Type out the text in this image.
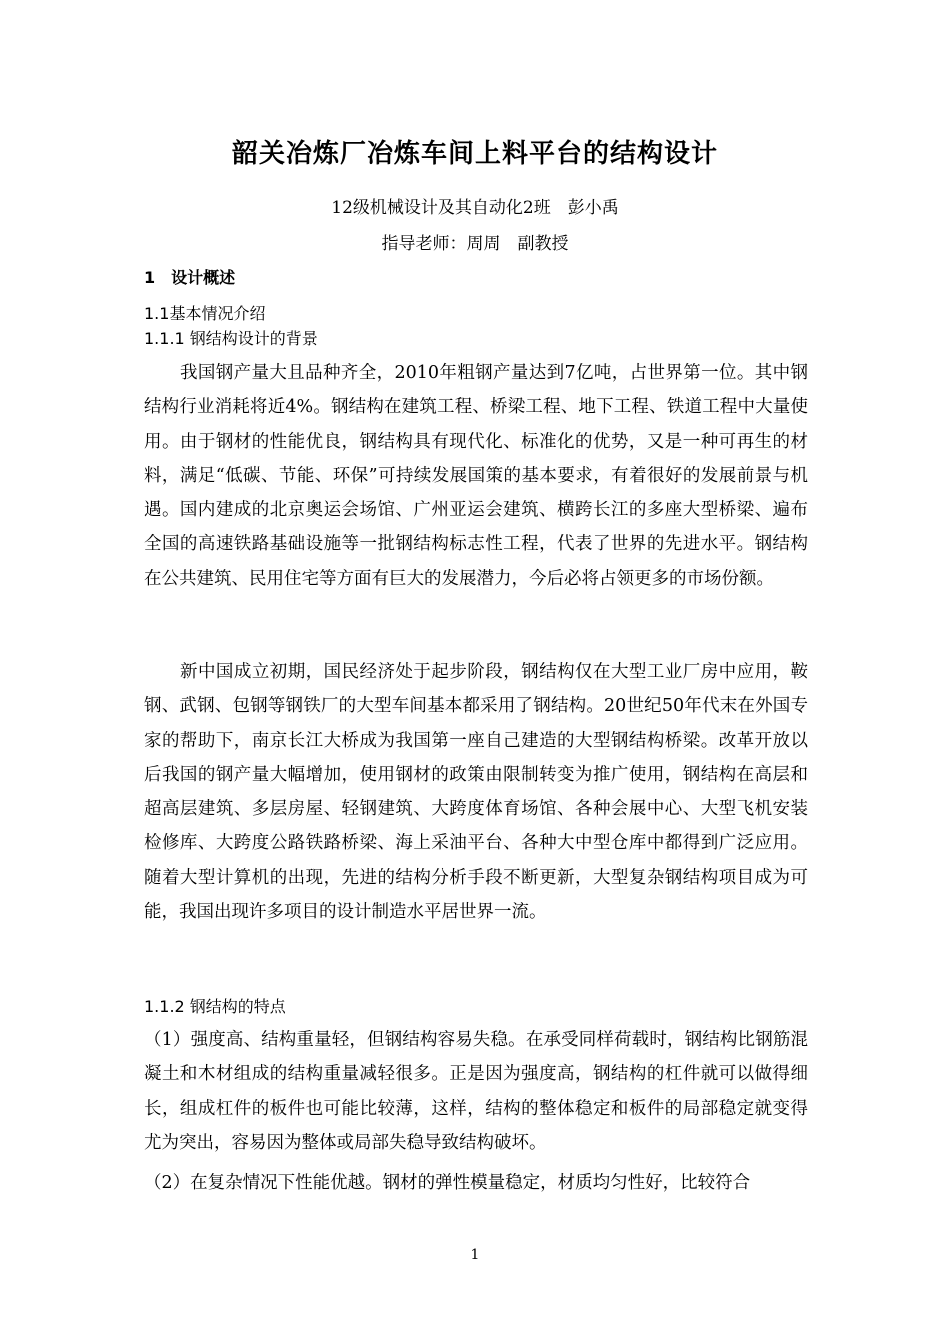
韶关冶炼厂冶炼车间上料平台的结构设计
12级机械设计及其自动化2班　彭小禹
指导老师：周周　副教授
1　设计概述
1.1基本情况介绍
1.1.1 钢结构设计的背景

我国钢产量大且品种齐全，2010年粗钢产量达到7亿吨，占世界第一位。其中钢结构行业消耗将近4%。钢结构在建筑工程、桥梁工程、地下工程、铁道工程中大量使用。由于钢材的性能优良，钢结构具有现代化、标准化的优势，又是一种可再生的材料，满足“低碳、节能、环保”可持续发展国策的基本要求，有着很好的发展前景与机遇。国内建成的北京奥运会场馆、广州亚运会建筑、横跨长江的多座大型桥梁、遍布全国的高速铁路基础设施等一批钢结构标志性工程，代表了世界的先进水平。钢结构在公共建筑、民用住宅等方面有巨大的发展潜力，今后必将占领更多的市场份额。

新中国成立初期，国民经济处于起步阶段，钢结构仅在大型工业厂房中应用，鞍钢、武钢、包钢等钢铁厂的大型车间基本都采用了钢结构。20世纪50年代末在外国专家的帮助下，南京长江大桥成为我国第一座自己建造的大型钢结构桥梁。改革开放以后我国的钢产量大幅增加，使用钢材的政策由限制转变为推广使用，钢结构在高层和超高层建筑、多层房屋、轻钢建筑、大跨度体育场馆、各种会展中心、大型飞机安装检修库、大跨度公路铁路桥梁、海上采油平台、各种大中型仓库中都得到广泛应用。随着大型计算机的出现，先进的结构分析手段不断更新，大型复杂钢结构项目成为可能，我国出现许多项目的设计制造水平居世界一流。

1.1.2 钢结构的特点

（1）强度高、结构重量轻，但钢结构容易失稳。在承受同样荷载时，钢结构比钢筋混凝土和木材组成的结构重量减轻很多。正是因为强度高，钢结构的杠件就可以做得细长，组成杠件的板件也可能比较薄，这样，结构的整体稳定和板件的局部稳定就变得尤为突出，容易因为整体或局部失稳导致结构破坏。

（2）在复杂情况下性能优越。钢材的弹性模量稳定，材质均匀性好，比较符合

1
